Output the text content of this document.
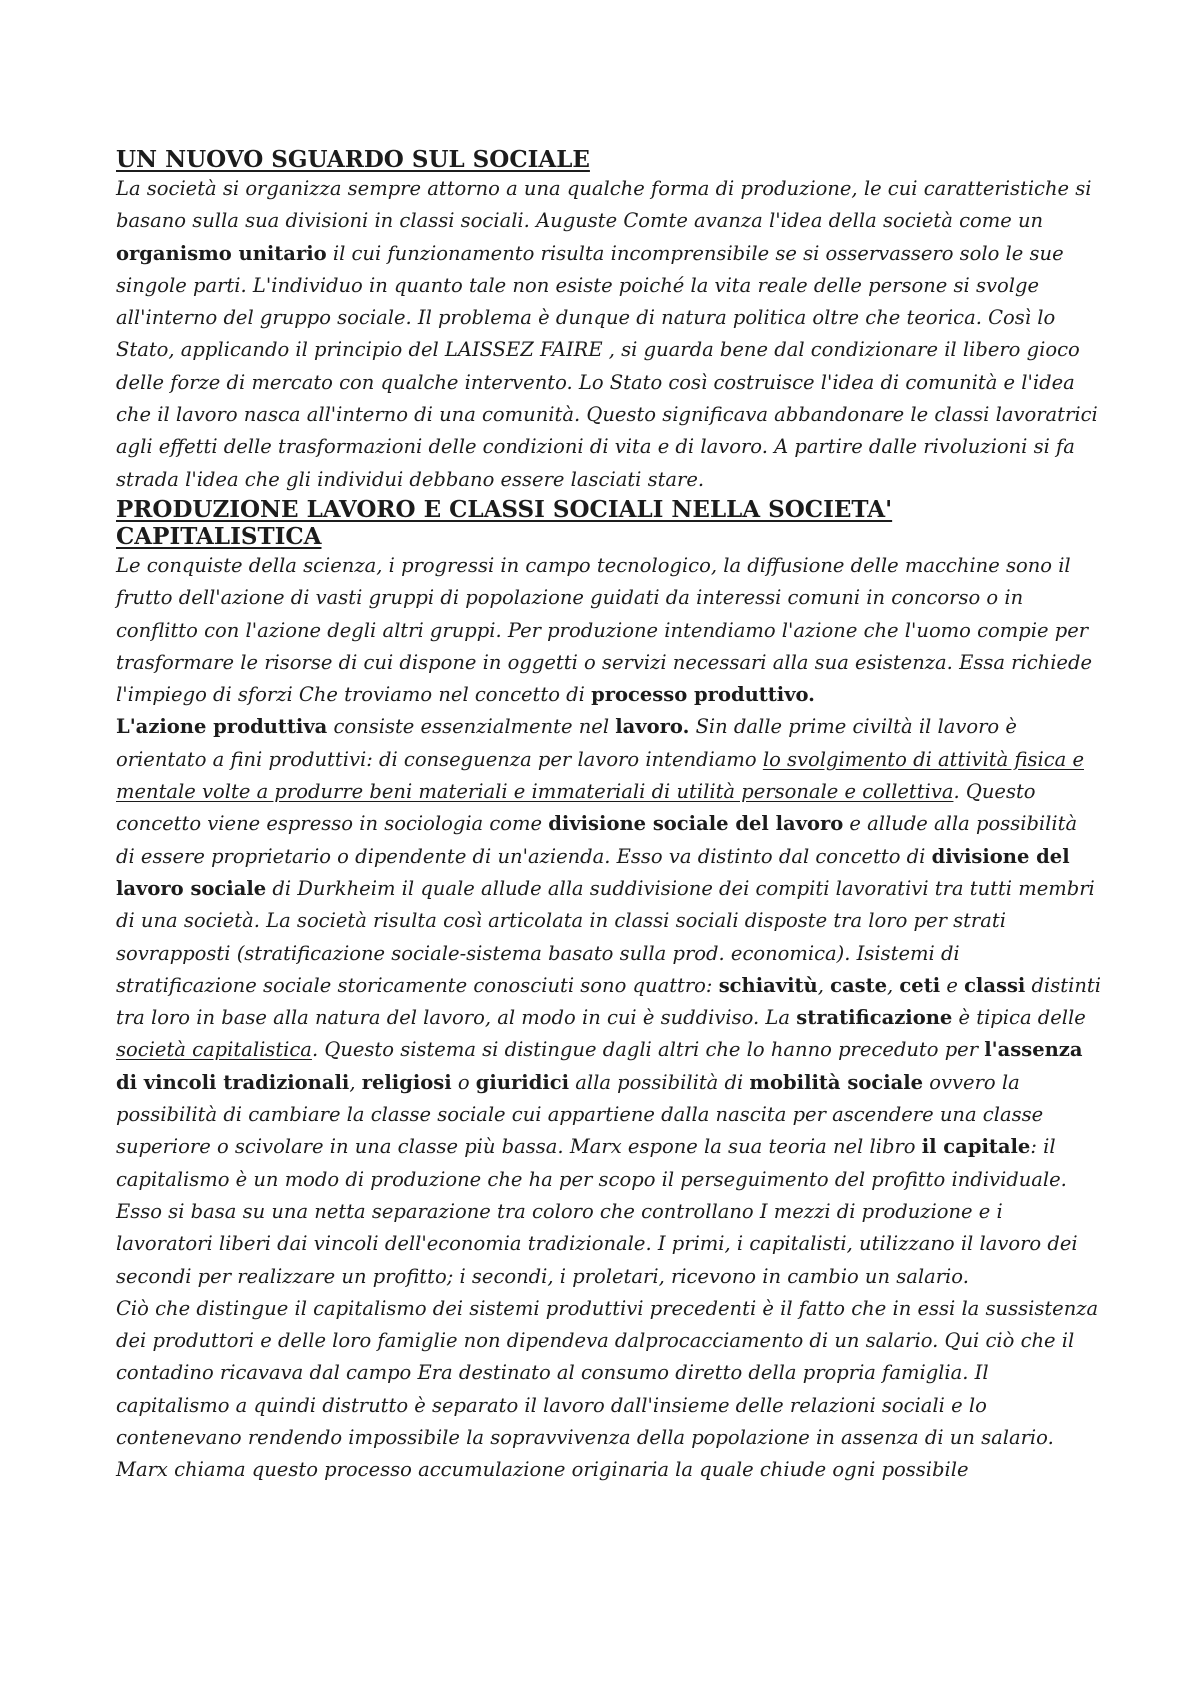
UN NUOVO SGUARDO SUL SOCIALE

La società si organizza sempre attorno a una qualche forma di produzione, le cui caratteristiche si basano sulla sua divisioni in classi sociali. Auguste Comte avanza l'idea della società come un organismo unitario il cui funzionamento risulta incomprensibile se si osservassero solo le sue singole parti. L'individuo in quanto tale non esiste poiché la vita reale delle persone si svolge all'interno del gruppo sociale. Il problema è dunque di natura politica oltre che teorica. Così lo Stato, applicando il principio del LAISSEZ FAIRE , si guarda bene dal condizionare il libero gioco delle forze di mercato con qualche intervento. Lo Stato così costruisce l'idea di comunità e l'idea che il lavoro nasca all'interno di una comunità. Questo significava abbandonare le classi lavoratrici agli effetti delle trasformazioni delle condizioni di vita e di lavoro. A partire dalle rivoluzioni si fa strada l'idea che gli individui debbano essere lasciati stare.

PRODUZIONE LAVORO E CLASSI SOCIALI NELLA SOCIETA' CAPITALISTICA

Le conquiste della scienza, i progressi in campo tecnologico, la diffusione delle macchine sono il frutto dell'azione di vasti gruppi di popolazione guidati da interessi comuni in concorso o in conflitto con l'azione degli altri gruppi. Per produzione intendiamo l'azione che l'uomo compie per trasformare le risorse di cui dispone in oggetti o servizi necessari alla sua esistenza. Essa richiede l'impiego di sforzi Che troviamo nel concetto di processo produttivo.

L'azione produttiva consiste essenzialmente nel lavoro. Sin dalle prime civiltà il lavoro è orientato a fini produttivi: di conseguenza per lavoro intendiamo lo svolgimento di attività fisica e mentale volte a produrre beni materiali e immateriali di utilità personale e collettiva. Questo concetto viene espresso in sociologia come divisione sociale del lavoro e allude alla possibilità di essere proprietario o dipendente di un'azienda. Esso va distinto dal concetto di divisione del lavoro sociale di Durkheim il quale allude alla suddivisione dei compiti lavorativi tra tutti membri di una società. La società risulta così articolata in classi sociali disposte tra loro per strati sovrapposti (stratificazione sociale-sistema basato sulla prod. economica). Isistemi di stratificazione sociale storicamente conosciuti sono quattro: schiavitù, caste, ceti e classi distinti tra loro in base alla natura del lavoro, al modo in cui è suddiviso. La stratificazione è tipica delle società capitalistica. Questo sistema si distingue dagli altri che lo hanno preceduto per l'assenza di vincoli tradizionali, religiosi o giuridici alla possibilità di mobilità sociale ovvero la possibilità di cambiare la classe sociale cui appartiene dalla nascita per ascendere una classe superiore o scivolare in una classe più bassa. Marx espone la sua teoria nel libro il capitale: il capitalismo è un modo di produzione che ha per scopo il perseguimento del profitto individuale. Esso si basa su una netta separazione tra coloro che controllano I mezzi di produzione e i lavoratori liberi dai vincoli dell'economia tradizionale. I primi, i capitalisti, utilizzano il lavoro dei secondi per realizzare un profitto; i secondi, i proletari, ricevono in cambio un salario.

Ciò che distingue il capitalismo dei sistemi produttivi precedenti è il fatto che in essi la sussistenza dei produttori e delle loro famiglie non dipendeva dalprocacciamento di un salario. Qui ciò che il contadino ricavava dal campo Era destinato al consumo diretto della propria famiglia. Il capitalismo a quindi distrutto è separato il lavoro dall'insieme delle relazioni sociali e lo contenevano rendendo impossibile la sopravvivenza della popolazione in assenza di un salario. Marx chiama questo processo accumulazione originaria la quale chiude ogni possibile
